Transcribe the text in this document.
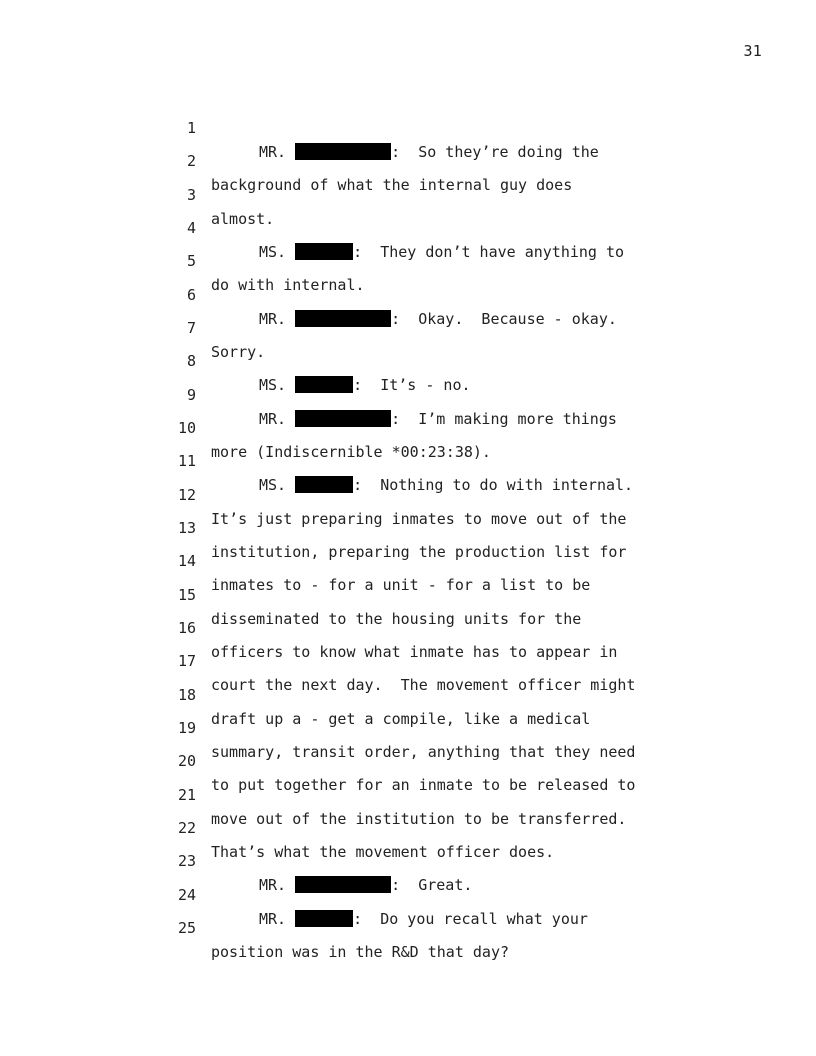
31

1

MR.	:  So they’re doing the

2

background of what the internal guy does

3

almost.

4

MS.	:  They don’t have anything to

5

do with internal.

6

MR.	:  Okay.  Because - okay.

7

Sorry.

8

MS.	:  It’s - no.

9

MR.	:  I’m making more things

10

more (Indiscernible *00:23:38).

11

MS.	:  Nothing to do with internal.

12

It’s just preparing inmates to move out of the

13

institution, preparing the production list for

14

inmates to - for a unit - for a list to be

15

disseminated to the housing units for the

16

officers to know what inmate has to appear in

17

court the next day.  The movement officer might

18

draft up a - get a compile, like a medical

19

summary, transit order, anything that they need

20

to put together for an inmate to be released to

21

move out of the institution to be transferred.

22

That’s what the movement officer does.

23

MR.	:  Great.

24

MR.	:  Do you recall what your

25

position was in the R&D that day?
